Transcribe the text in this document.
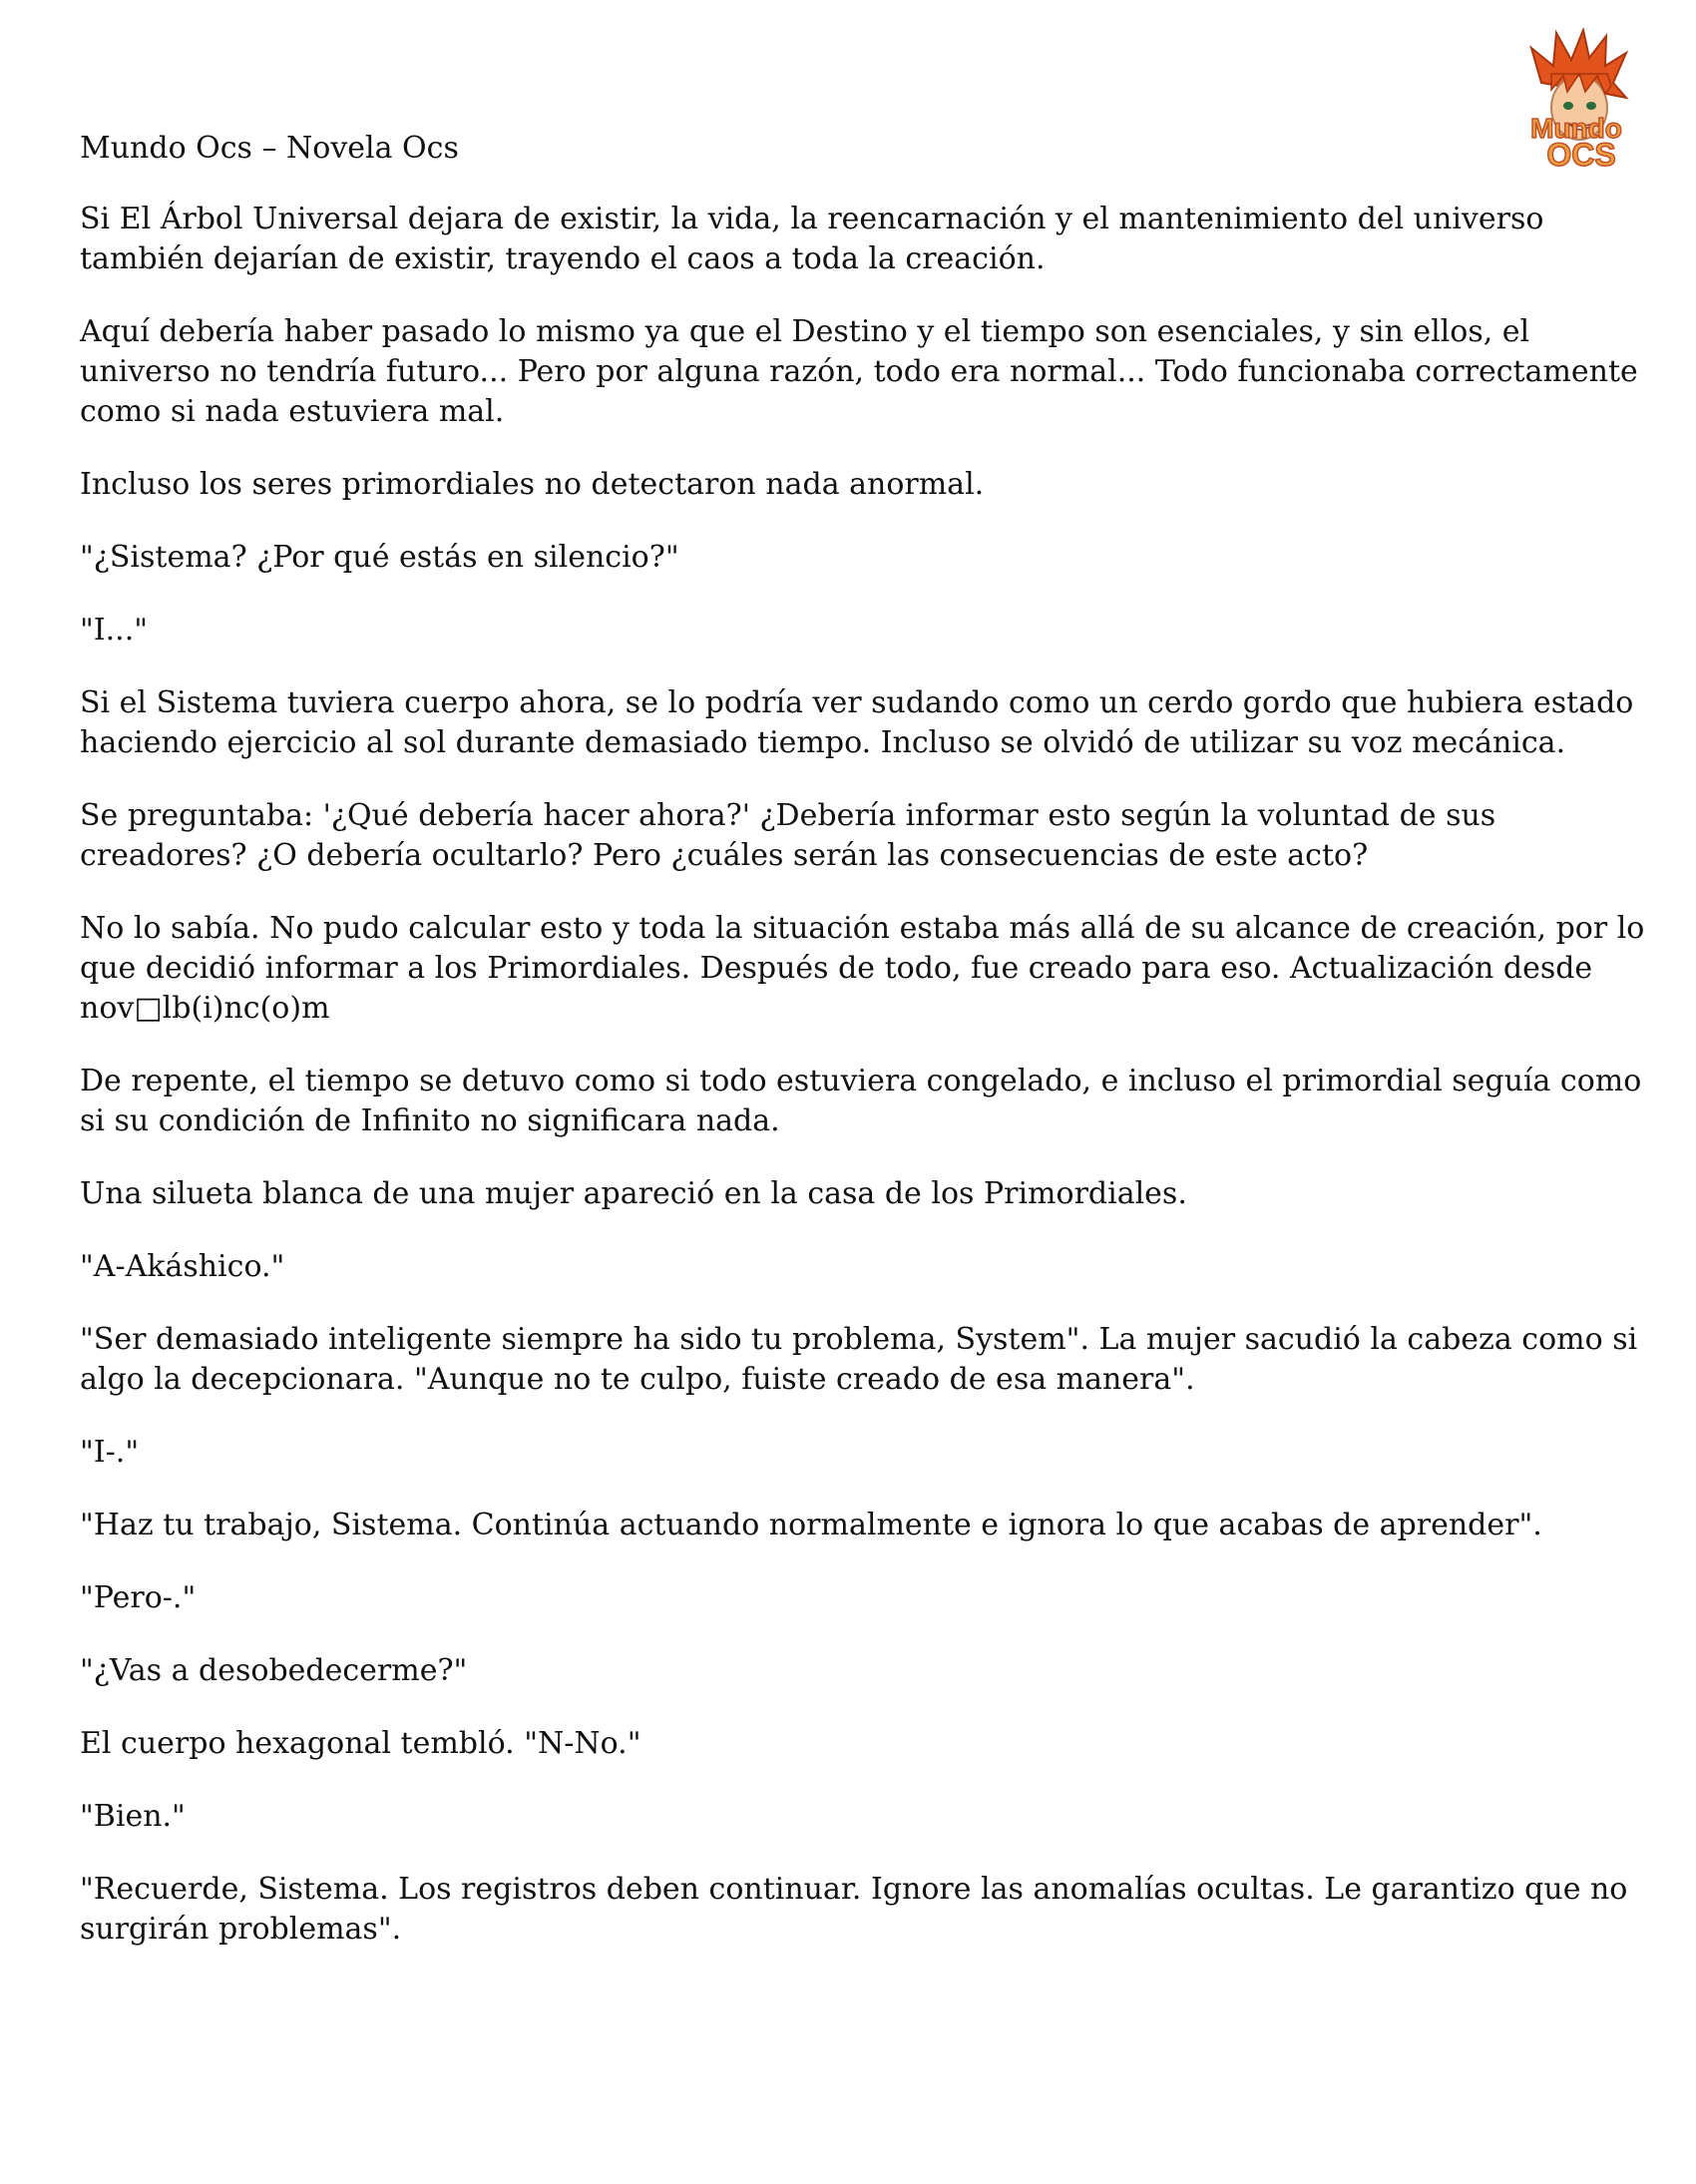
Mundo
OCS
Mundo Ocs – Novela Ocs

Si El Árbol Universal dejara de existir, la vida, la reencarnación y el mantenimiento del universo también dejarían de existir, trayendo el caos a toda la creación.

Aquí debería haber pasado lo mismo ya que el Destino y el tiempo son esenciales, y sin ellos, el universo no tendría futuro... Pero por alguna razón, todo era normal... Todo funcionaba correctamente como si nada estuviera mal.

Incluso los seres primordiales no detectaron nada anormal.

"¿Sistema? ¿Por qué estás en silencio?"

"I..."

Si el Sistema tuviera cuerpo ahora, se lo podría ver sudando como un cerdo gordo que hubiera estado haciendo ejercicio al sol durante demasiado tiempo. Incluso se olvidó de utilizar su voz mecánica.

Se preguntaba: '¿Qué debería hacer ahora?' ¿Debería informar esto según la voluntad de sus creadores? ¿O debería ocultarlo? Pero ¿cuáles serán las consecuencias de este acto?

No lo sabía. No pudo calcular esto y toda la situación estaba más allá de su alcance de creación, por lo que decidió informar a los Primordiales. Después de todo, fue creado para eso. Actualización desde nov□lb(i)nc(o)m

De repente, el tiempo se detuvo como si todo estuviera congelado, e incluso el primordial seguía como si su condición de Infinito no significara nada.

Una silueta blanca de una mujer apareció en la casa de los Primordiales.

"A-Akáshico."

"Ser demasiado inteligente siempre ha sido tu problema, System". La mujer sacudió la cabeza como si algo la decepcionara. "Aunque no te culpo, fuiste creado de esa manera".

"I-."

"Haz tu trabajo, Sistema. Continúa actuando normalmente e ignora lo que acabas de aprender".

"Pero-."

"¿Vas a desobedecerme?"

El cuerpo hexagonal tembló. "N-No."

"Bien."

"Recuerde, Sistema. Los registros deben continuar. Ignore las anomalías ocultas. Le garantizo que no surgirán problemas".
